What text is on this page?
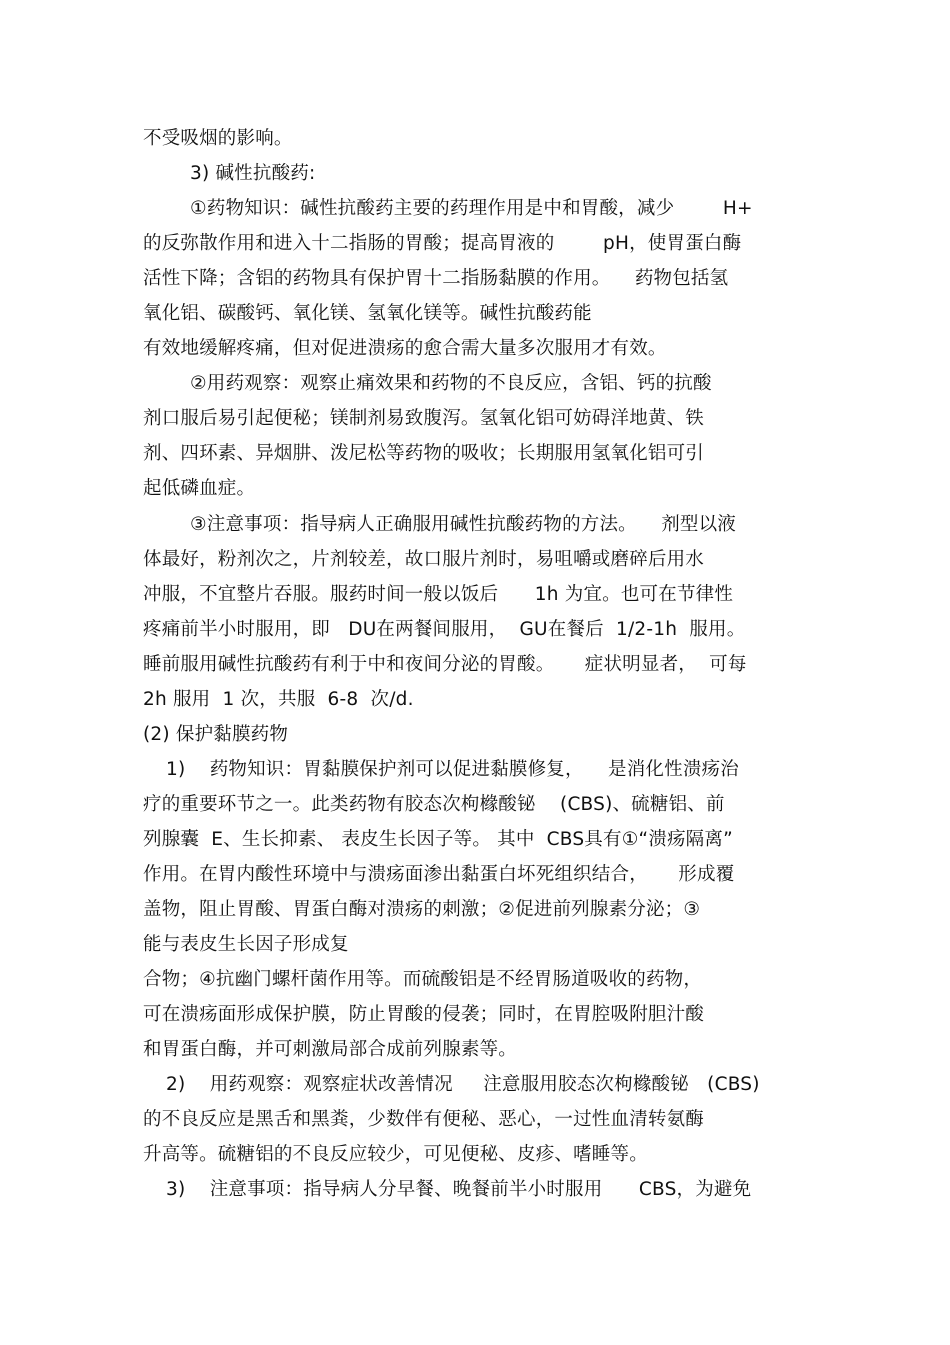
不受吸烟的影响。
3) 碱性抗酸药:
①药物知识：碱性抗酸药主要的药理作用是中和胃酸，减少        H+
的反弥散作用和进入十二指肠的胃酸；提高胃液的        pH，使胃蛋白酶
活性下降；含铝的药物具有保护胃十二指肠黏膜的作用。    药物包括氢
氧化铝、碳酸钙、氧化镁、氢氧化镁等。碱性抗酸药能
有效地缓解疼痛，但对促进溃疡的愈合需大量多次服用才有效。
②用药观察：观察止痛效果和药物的不良反应，含铝、钙的抗酸
剂口服后易引起便秘；镁制剂易致腹泻。氢氧化铝可妨碍洋地黄、铁
剂、四环素、异烟肼、泼尼松等药物的吸收；长期服用氢氧化铝可引
起低磷血症。
③注意事项：指导病人正确服用碱性抗酸药物的方法。    剂型以液
体最好，粉剂次之，片剂较差，故口服片剂时，易咀嚼或磨碎后用水
冲服，不宜整片吞服。服药时间一般以饭后      1h 为宜。也可在节律性
疼痛前半小时服用，即   DU在两餐间服用，  GU在餐后  1/2-1h  服用。
睡前服用碱性抗酸药有利于中和夜间分泌的胃酸。     症状明显者，  可每
2h 服用  1 次，共服  6-8  次/d.
(2) 保护黏膜药物
1)    药物知识：胃黏膜保护剂可以促进黏膜修复，    是消化性溃疡治
疗的重要环节之一。此类药物有胶态次枸橼酸铋    (CBS)、硫糖铝、前
列腺囊  E、生长抑素、 表皮生长因子等。 其中  CBS具有①“溃疡隔离”
作用。在胃内酸性环境中与溃疡面渗出黏蛋白坏死组织结合，     形成覆
盖物，阻止胃酸、胃蛋白酶对溃疡的刺激；②促进前列腺素分泌；③
能与表皮生长因子形成复
合物；④抗幽门螺杆菌作用等。而硫酸铝是不经胃肠道吸收的药物，
可在溃疡面形成保护膜，防止胃酸的侵袭；同时，在胃腔吸附胆汁酸
和胃蛋白酶，并可刺激局部合成前列腺素等。
2)    用药观察：观察症状改善情况     注意服用胶态次枸橼酸铋   (CBS)
的不良反应是黑舌和黑粪，少数伴有便秘、恶心，一过性血清转氨酶
升高等。硫糖铝的不良反应较少，可见便秘、皮疹、嗜睡等。
3)    注意事项：指导病人分早餐、晚餐前半小时服用      CBS，为避免
